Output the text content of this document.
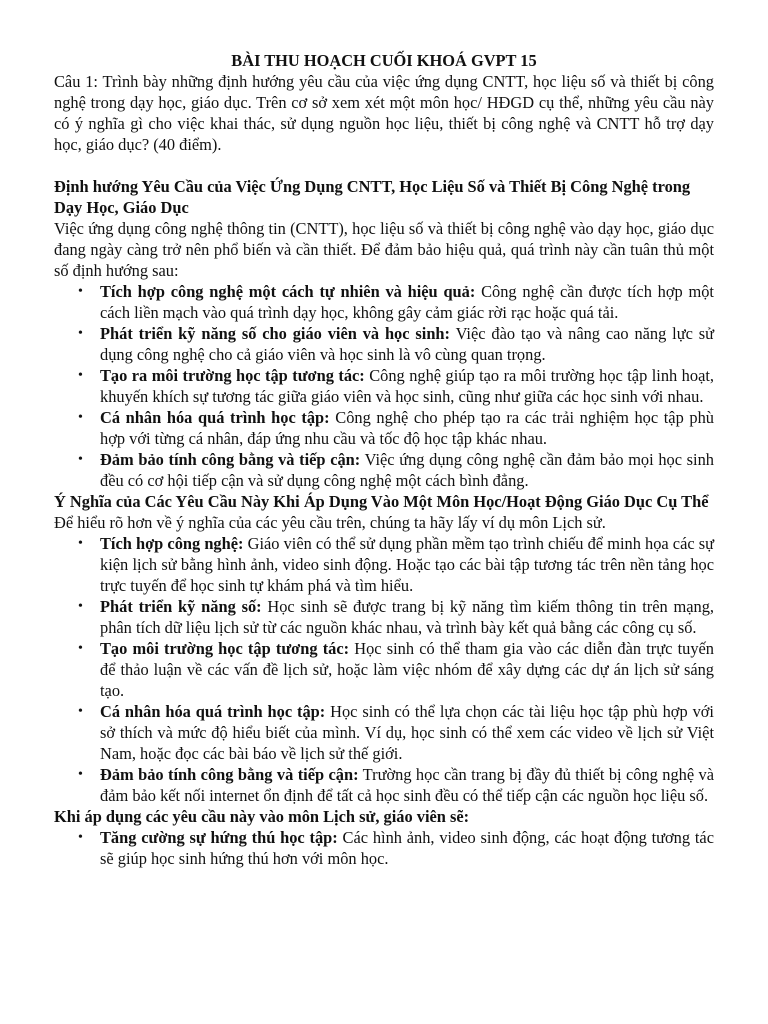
BÀI THU HOẠCH CUỐI KHOÁ GVPT 15

Câu 1: Trình bày những định hướng yêu cầu của việc ứng dụng CNTT, học liệu số và thiết bị công nghệ trong dạy học, giáo dục. Trên cơ sở xem xét một môn học/ HĐGD cụ thể, những yêu cầu này có ý nghĩa gì cho việc khai thác, sử dụng nguồn học liệu, thiết bị công nghệ và CNTT hỗ trợ dạy học, giáo dục? (40 điểm).

Định hướng Yêu Cầu của Việc Ứng Dụng CNTT, Học Liệu Số và Thiết Bị Công Nghệ trong Dạy Học, Giáo Dục

Việc ứng dụng công nghệ thông tin (CNTT), học liệu số và thiết bị công nghệ vào dạy học, giáo dục đang ngày càng trở nên phổ biến và cần thiết. Để đảm bảo hiệu quả, quá trình này cần tuân thủ một số định hướng sau:

• Tích hợp công nghệ một cách tự nhiên và hiệu quả: Công nghệ cần được tích hợp một cách liền mạch vào quá trình dạy học, không gây cảm giác rời rạc hoặc quá tải.
• Phát triển kỹ năng số cho giáo viên và học sinh: Việc đào tạo và nâng cao năng lực sử dụng công nghệ cho cả giáo viên và học sinh là vô cùng quan trọng.
• Tạo ra môi trường học tập tương tác: Công nghệ giúp tạo ra môi trường học tập linh hoạt, khuyến khích sự tương tác giữa giáo viên và học sinh, cũng như giữa các học sinh với nhau.
• Cá nhân hóa quá trình học tập: Công nghệ cho phép tạo ra các trải nghiệm học tập phù hợp với từng cá nhân, đáp ứng nhu cầu và tốc độ học tập khác nhau.
• Đảm bảo tính công bằng và tiếp cận: Việc ứng dụng công nghệ cần đảm bảo mọi học sinh đều có cơ hội tiếp cận và sử dụng công nghệ một cách bình đẳng.

Ý Nghĩa của Các Yêu Cầu Này Khi Áp Dụng Vào Một Môn Học/Hoạt Động Giáo Dục Cụ Thể

Để hiểu rõ hơn về ý nghĩa của các yêu cầu trên, chúng ta hãy lấy ví dụ môn Lịch sử.

• Tích hợp công nghệ: Giáo viên có thể sử dụng phần mềm tạo trình chiếu để minh họa các sự kiện lịch sử bằng hình ảnh, video sinh động. Hoặc tạo các bài tập tương tác trên nền tảng học trực tuyến để học sinh tự khám phá và tìm hiểu.
• Phát triển kỹ năng số: Học sinh sẽ được trang bị kỹ năng tìm kiếm thông tin trên mạng, phân tích dữ liệu lịch sử từ các nguồn khác nhau, và trình bày kết quả bằng các công cụ số.
• Tạo môi trường học tập tương tác: Học sinh có thể tham gia vào các diễn đàn trực tuyến để thảo luận về các vấn đề lịch sử, hoặc làm việc nhóm để xây dựng các dự án lịch sử sáng tạo.
• Cá nhân hóa quá trình học tập: Học sinh có thể lựa chọn các tài liệu học tập phù hợp với sở thích và mức độ hiểu biết của mình. Ví dụ, học sinh có thể xem các video về lịch sử Việt Nam, hoặc đọc các bài báo về lịch sử thế giới.
• Đảm bảo tính công bằng và tiếp cận: Trường học cần trang bị đầy đủ thiết bị công nghệ và đảm bảo kết nối internet ổn định để tất cả học sinh đều có thể tiếp cận các nguồn học liệu số.

Khi áp dụng các yêu cầu này vào môn Lịch sử, giáo viên sẽ:

• Tăng cường sự hứng thú học tập: Các hình ảnh, video sinh động, các hoạt động tương tác sẽ giúp học sinh hứng thú hơn với môn học.
